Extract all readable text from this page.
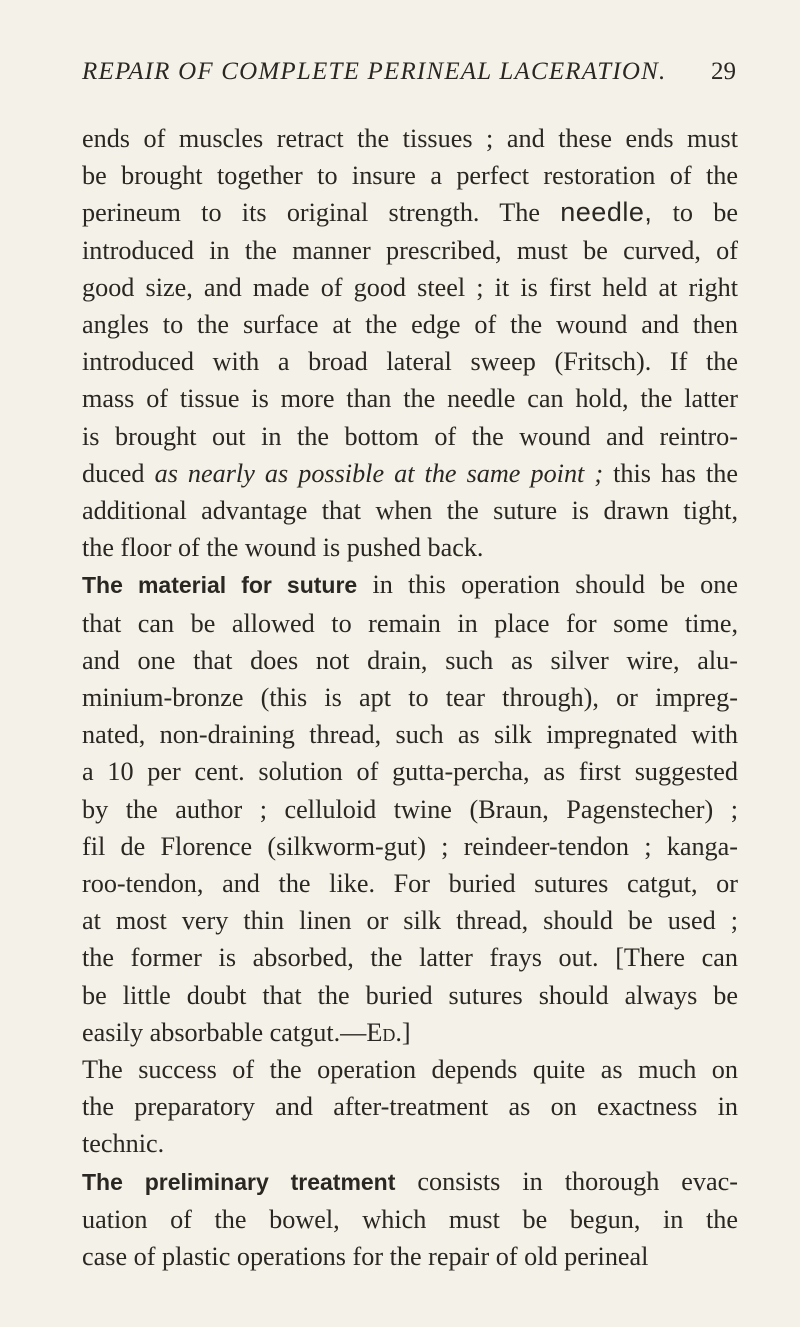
REPAIR OF COMPLETE PERINEAL LACERATION. 29

ends of muscles retract the tissues ; and these ends must
be brought together to insure a perfect restoration of the
perineum to its original strength. The needle, to be
introduced in the manner prescribed, must be curved, of
good size, and made of good steel ; it is first held at right
angles to the surface at the edge of the wound and then
introduced with a broad lateral sweep (Fritsch). If the
mass of tissue is more than the needle can hold, the latter
is brought out in the bottom of the wound and reintro-
duced as nearly as possible at the same point ; this has the
additional advantage that when the suture is drawn tight,
the floor of the wound is pushed back.

The material for suture in this operation should be one
that can be allowed to remain in place for some time,
and one that does not drain, such as silver wire, alu-
minium-bronze (this is apt to tear through), or impreg-
nated, non-draining thread, such as silk impregnated with
a 10 per cent. solution of gutta-percha, as first suggested
by the author ; celluloid twine (Braun, Pagenstecher) ;
fil de Florence (silkworm-gut) ; reindeer-tendon ; kanga-
roo-tendon, and the like. For buried sutures catgut, or
at most very thin linen or silk thread, should be used ;
the former is absorbed, the latter frays out. [There can
be little doubt that the buried sutures should always be
easily absorbable catgut.—Ed.]

The success of the operation depends quite as much on
the preparatory and after-treatment as on exactness in
technic.

The preliminary treatment consists in thorough evac-
uation of the bowel, which must be begun, in the
case of plastic operations for the repair of old perineal
